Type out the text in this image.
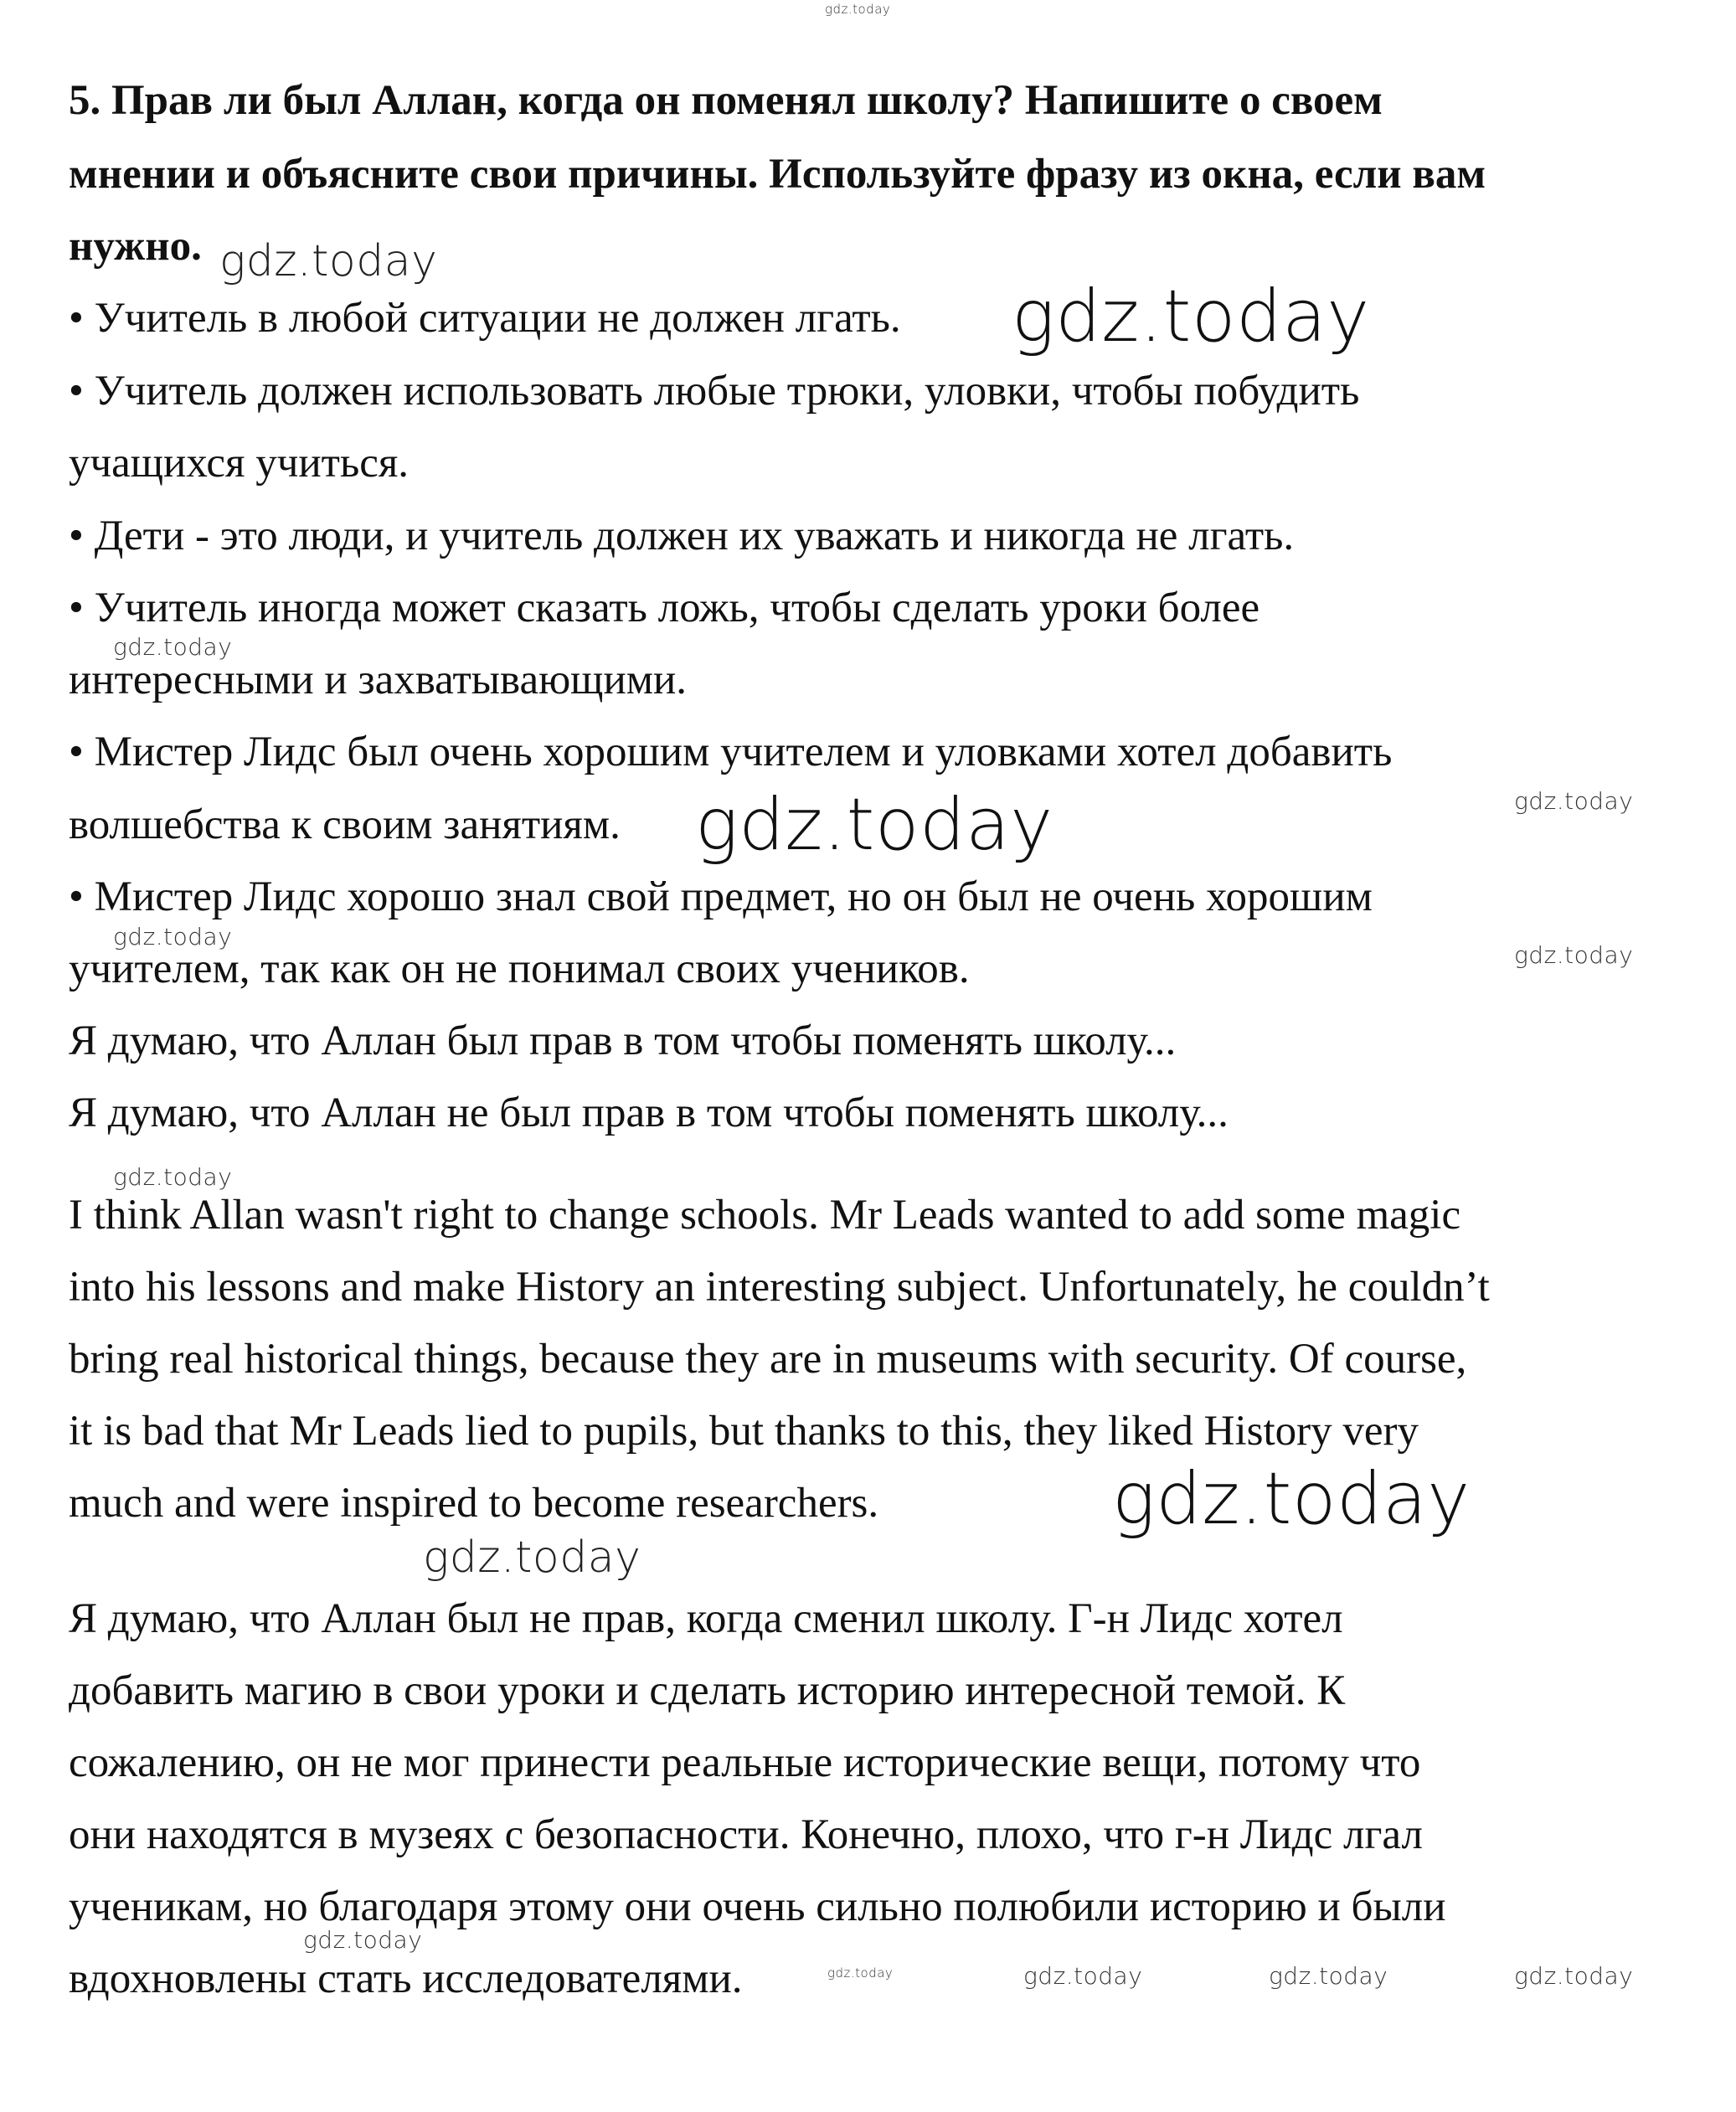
5. Прав ли был Аллан, когда он поменял школу? Напишите о своем
мнении и объясните свои причины. Используйте фразу из окна, если вам
нужно.
• Учитель в любой ситуации не должен лгать.
• Учитель должен использовать любые трюки, уловки, чтобы побудить
учащихся учиться.
• Дети - это люди, и учитель должен их уважать и никогда не лгать.
• Учитель иногда может сказать ложь, чтобы сделать уроки более
интересными и захватывающими.
• Мистер Лидс был очень хорошим учителем и уловками хотел добавить
волшебства к своим занятиям.
• Мистер Лидс хорошо знал свой предмет, но он был не очень хорошим
учителем, так как он не понимал своих учеников.
Я думаю, что Аллан был прав в том чтобы поменять школу...
Я думаю, что Аллан не был прав в том чтобы поменять школу...
I think Allan wasn't right to change schools. Mr Leads wanted to add some magic
into his lessons and make History an interesting subject. Unfortunately, he couldn’t
bring real historical things, because they are in museums with security. Of course,
it is bad that Mr Leads lied to pupils, but thanks to this, they liked History very
much and were inspired to become researchers.
Я думаю, что Аллан был не прав, когда сменил школу. Г-н Лидс хотел
добавить магию в свои уроки и сделать историю интересной темой. К
сожалению, он не мог принести реальные исторические вещи, потому что
они находятся в музеях с безопасности. Конечно, плохо, что г-н Лидс лгал
ученикам, но благодаря этому они очень сильно полюбили историю и были
вдохновлены стать исследователями.
gdz.today
gdz.today
gdz.today
gdz.today
gdz.today
gdz.today
gdz.today
gdz.today
gdz.today
gdz.today
gdz.today
gdz.today
gdz.today	gdz.today	gdz.today	gdz.today
